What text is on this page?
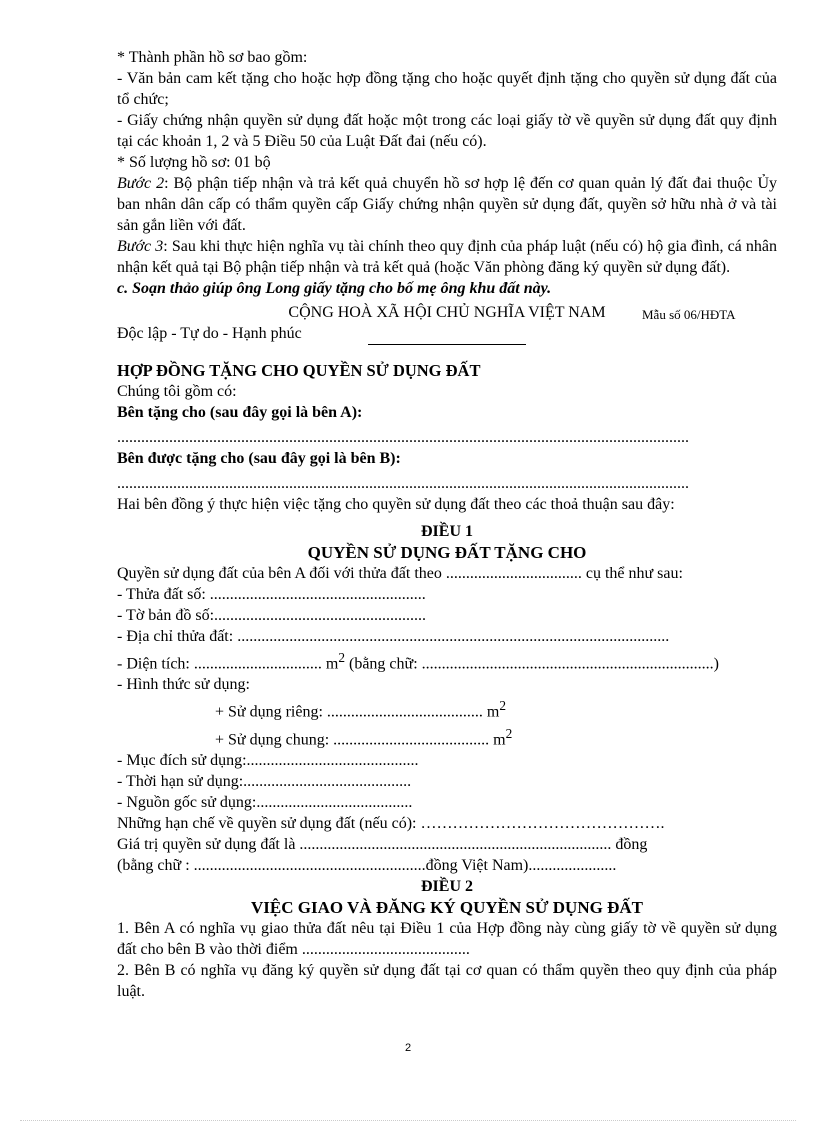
* Thành phần hồ sơ bao gồm:

- Văn bản cam kết tặng cho hoặc hợp đồng tặng cho hoặc quyết định tặng cho quyền sử dụng đất của tổ chức;

- Giấy chứng nhận quyền sử dụng đất hoặc một trong các loại giấy tờ về quyền sử dụng đất quy định tại các khoản 1, 2 và 5 Điều 50 của Luật Đất đai (nếu có).

* Số lượng hồ sơ: 01 bộ

Bước 2: Bộ phận tiếp nhận và trả kết quả chuyển hồ sơ hợp lệ đến cơ quan quản lý đất đai thuộc Ủy ban nhân dân cấp có thẩm quyền cấp Giấy chứng nhận quyền sử dụng đất, quyền sở hữu nhà ở và tài sản gắn liền với đất.

Bước 3: Sau khi thực hiện nghĩa vụ tài chính theo quy định của pháp luật (nếu có) hộ gia đình, cá nhân nhận kết quả tại Bộ phận tiếp nhận và trả kết quả (hoặc Văn phòng đăng ký quyền sử dụng đất).

c. Soạn thảo giúp ông Long giấy tặng cho bố mẹ ông khu đất này.

CỘNG HOÀ XÃ HỘI CHỦ NGHĨA VIỆT NAM	Mẫu số 06/HĐTA

Độc lập - Tự do - Hạnh phúc

HỢP ĐỒNG TẶNG CHO QUYỀN SỬ DỤNG ĐẤT

Chúng tôi gồm có:

Bên tặng cho (sau đây gọi là bên A):

...............................................................................................................................................

Bên được tặng cho (sau đây gọi là bên B):

...............................................................................................................................................

Hai bên đồng ý thực hiện việc tặng cho quyền sử dụng đất theo các thoả thuận sau đây:

ĐIỀU 1

QUYỀN SỬ DỤNG ĐẤT TẶNG CHO

Quyền sử dụng đất của bên A đối với thửa đất theo .................................. cụ thể như sau:

- Thửa đất số: ......................................................

- Tờ bản đồ số:.....................................................

- Địa chỉ thửa đất: ............................................................................................................

- Diện tích: ................................ $m^2$ (bằng chữ: .........................................................................)

- Hình thức sử dụng:

+ Sử dụng riêng: ....................................... $m^2$

+ Sử dụng chung: ....................................... $m^2$

- Mục đích sử dụng:...........................................

- Thời hạn sử dụng:..........................................

- Nguồn gốc sử dụng:.......................................

Những hạn chế về quyền sử dụng đất (nếu có): ……………………………………….

Giá trị quyền sử dụng đất là .............................................................................. đồng

(bằng chữ : ..........................................................đồng Việt Nam)......................

ĐIỀU 2

VIỆC GIAO VÀ ĐĂNG KÝ QUYỀN SỬ DỤNG ĐẤT

1. Bên A có nghĩa vụ giao thửa đất nêu tại Điều 1 của Hợp đồng này cùng giấy tờ về quyền sử dụng đất cho bên B vào thời điểm ..........................................

2. Bên B có nghĩa vụ đăng ký quyền sử dụng đất tại cơ quan có thẩm quyền theo quy định của pháp luật.

2
